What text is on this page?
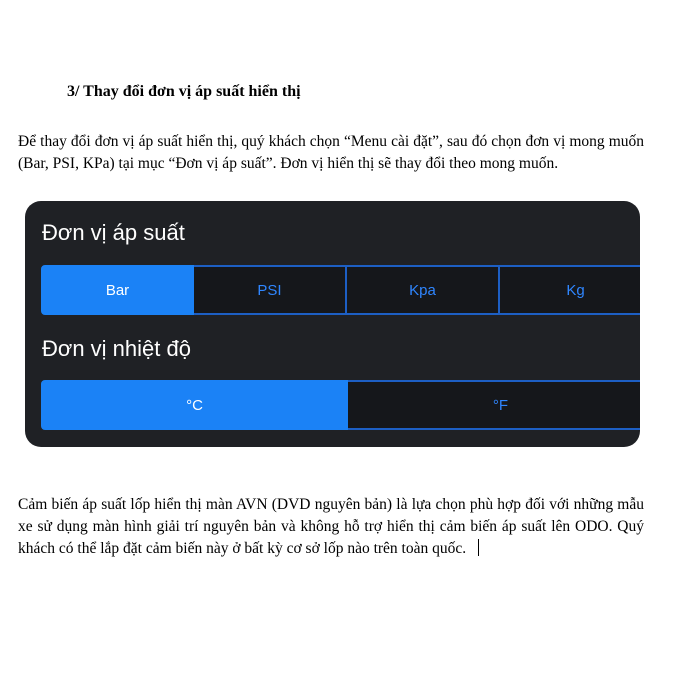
3/ Thay đổi đơn vị áp suất hiển thị
Để thay đổi đơn vị áp suất hiển thị, quý khách chọn “Menu cài đặt”, sau đó chọn đơn vị mong muốn (Bar, PSI, KPa) tại mục “Đơn vị áp suất”. Đơn vị hiển thị sẽ thay đổi theo mong muốn.
Đơn vị áp suất
Bar	PSI	Kpa	Kg
Đơn vị nhiệt độ
°C	°F
Cảm biến áp suất lốp hiển thị màn AVN (DVD nguyên bản) là lựa chọn phù hợp đối với những mẫu xe sử dụng màn hình giải trí nguyên bản và không hỗ trợ hiển thị cảm biến áp suất lên ODO. Quý khách có thể lắp đặt cảm biến này ở bất kỳ cơ sở lốp nào trên toàn quốc.
